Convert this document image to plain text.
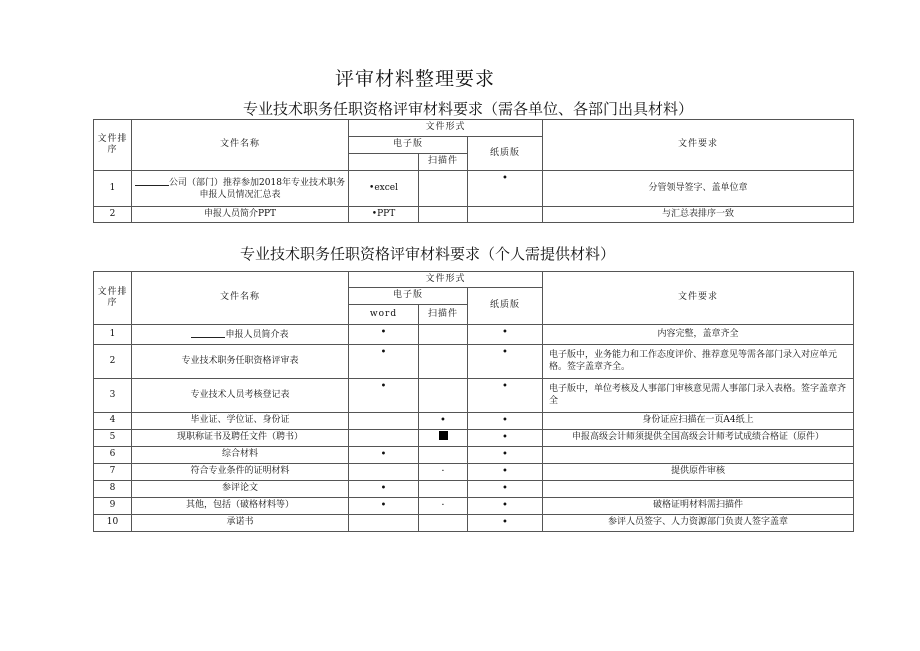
评审材料整理要求
专业技术职务任职资格评审材料要求（需各单位、各部门出具材料）
文件排序	文件名称	文件形式			文件要求
		电子版		纸质版	
			扫描件		
1	公司（部门）推荐参加2018年专业技术职务申报人员情况汇总表	•excel		•	分管领导签字、盖单位章
2	申报人员简介PPT	•PPT			与汇总表排序一致
专业技术职务任职资格评审材料要求（个人需提供材料）
文件排序	文件名称	文件形式			文件要求
		电子版		纸质版	
		word	扫描件		
1	申报人员简介表	•		•	内容完整，盖章齐全
2	专业技术职务任职资格评审表	•		•	电子版中，业务能力和工作态度评价、推荐意见等需各部门录入对应单元格。签字盖章齐全。
3	专业技术人员考核登记表	•		•	电子版中，单位考核及人事部门审核意见需人事部门录入表格。签字盖章齐全
4	毕业证、学位证、身份证		•	•	身份证应扫描在一页A4纸上
5	现职称证书及聘任文件（聘书）			•	申报高级会计师须提供全国高级会计师考试成绩合格证（原件）
6	综合材料	•		•	
7	符合专业条件的证明材料		·	•	提供原件审核
8	参评论文	•		•	
9	其他，包括（破格材料等）	•	·	•	破格证明材料需扫描件
10	承诺书			•	参评人员签字、人力资源部门负责人签字盖章
